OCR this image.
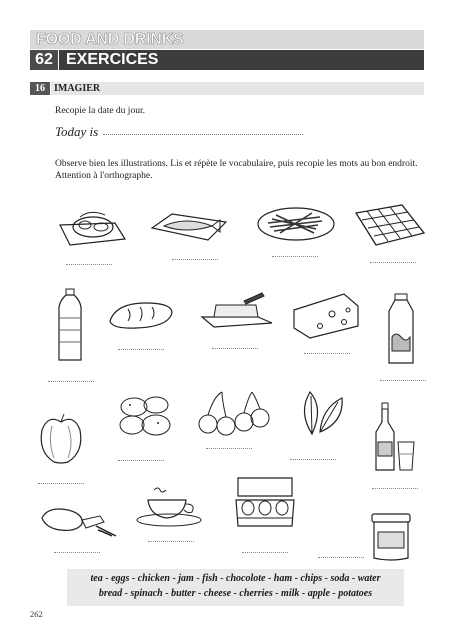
FOOD AND DRINKS
62 EXERCICES
16 IMAGIER
Recopie la date du jour.
Today is
Observe bien les illustrations. Lis et répète le vocabulaire, puis recopie les mots au bon endroit.
Attention à l'orthographe.
tea - eggs - chicken - jam - fish - chocolote - ham - chips - soda - water
bread - spinach - butter - cheese - cherries - milk - apple - potatoes
262
